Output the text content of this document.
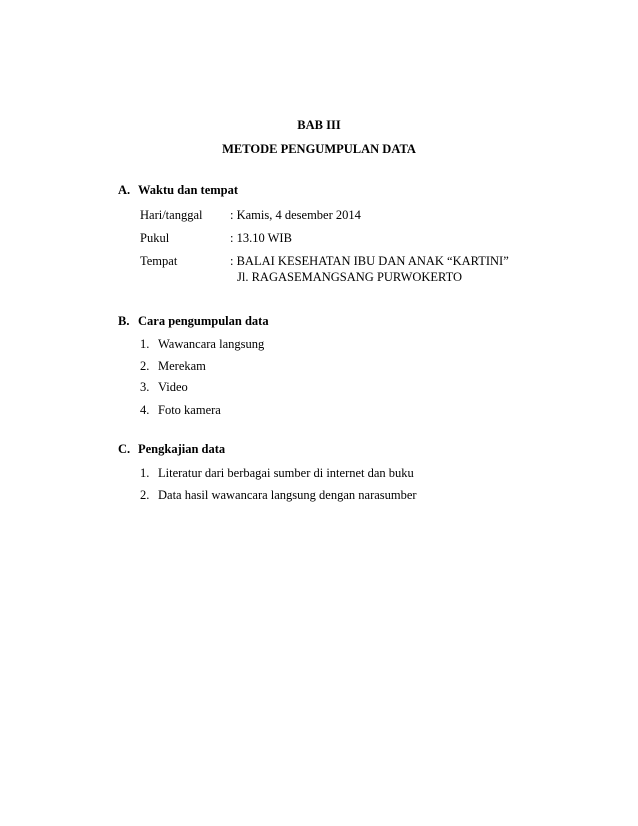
BAB III
METODE PENGUMPULAN DATA
A. Waktu dan tempat
Hari/tanggal : Kamis, 4 desember 2014
Pukul	: 13.10 WIB
Tempat	: BALAI KESEHATAN IBU DAN ANAK “KARTINI”
Jl. RAGASEMANGSANG PURWOKERTO
B. Cara pengumpulan data
1. Wawancara langsung
2. Merekam
3. Video
4. Foto kamera
C. Pengkajian data
1. Literatur dari berbagai sumber di internet dan buku
2. Data hasil wawancara langsung dengan narasumber
